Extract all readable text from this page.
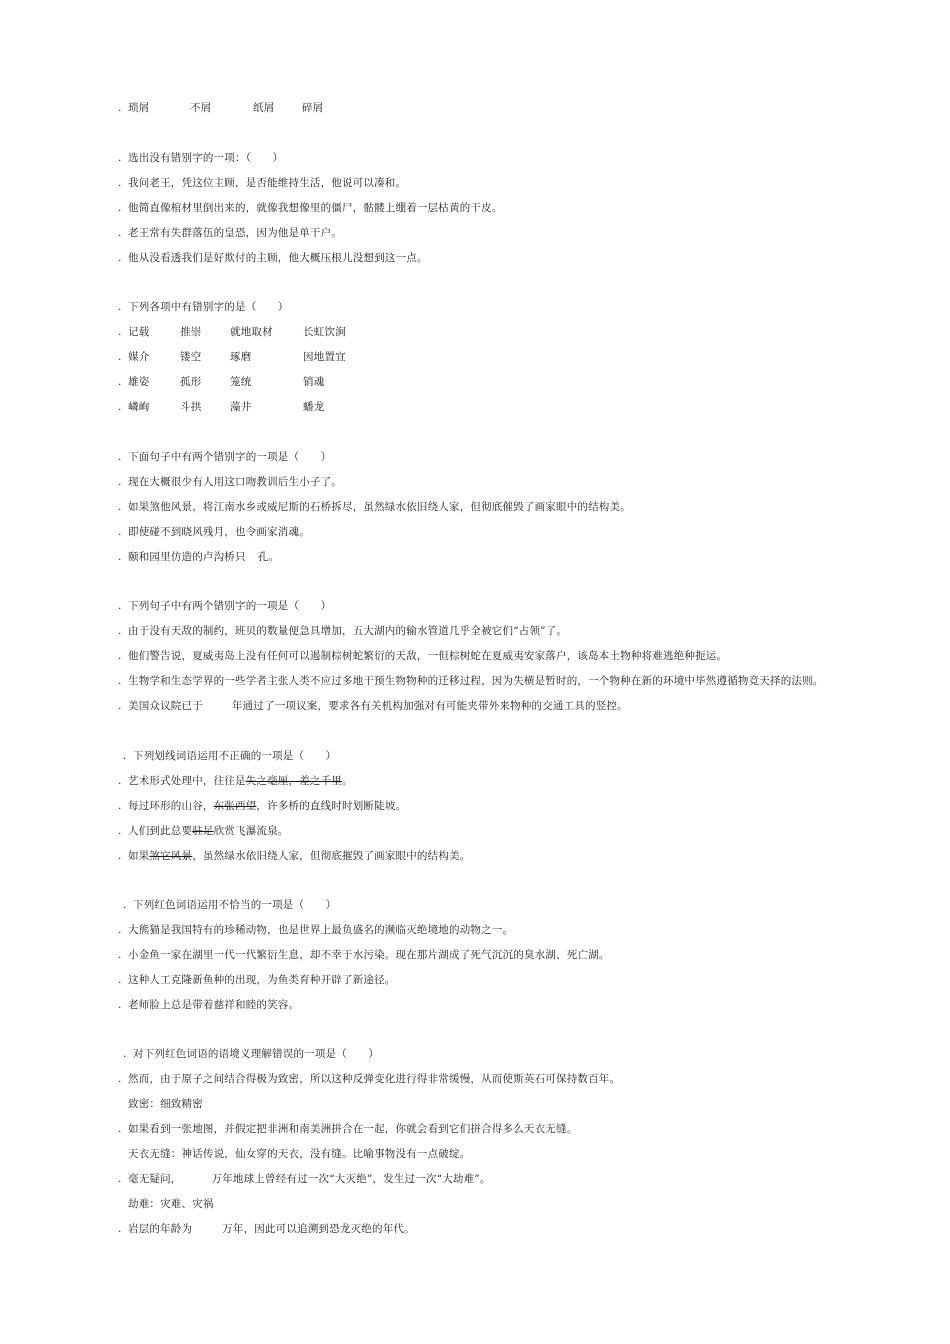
. 琐屑	不屑	纸屑	碎屑
. 选出没有错别字的一项：（　　）
. 我问老王，凭这位主顾，是否能维持生活，他说可以凑和。
. 他简直像棺材里倒出来的，就像我想像里的僵尸，骷髅上绷着一层枯黄的干皮。
. 老王常有失群落伍的皇恐，因为他是单干户。
. 他从没看透我们是好欺付的主顾，他大概压根儿没想到这一点。
. 下列各项中有错别字的是（　　）
. 记载	推崇	就地取材	长虹饮涧
. 媒介	镂空	琢磨	因地置宜
. 雄姿	孤形	笼统	销魂
. 嶙峋	斗拱	藻井	蟠龙
. 下面句子中有两个错别字的一项是（　　）
. 现在大概很少有人用这口吻教训后生小子了。
. 如果煞他风景，将江南水乡或威尼斯的石桥拆尽，虽然绿水依旧绕人家，但彻底催毁了画家眼中的结构美。
. 即使碰不到晓风残月，也令画家消魂。
. 颐和园里仿造的卢沟桥只 孔。
. 下列句子中有两个错别字的一项是（　　）
. 由于没有天敌的制约，班贝的数量便急具增加，五大湖内的输水管道几乎全被它们“占领”了。
. 他们警告说，夏威夷岛上没有任何可以遏制棕树蛇繁衍的天敌，一但棕树蛇在夏威夷安家落户，该岛本土物种将难逃绝种扼运。
. 生物学和生态学界的一些学者主张人类不应过多地干预生物物种的迁移过程，因为失横是暂时的，一个物种在新的环境中毕然遵循物竞天择的法则。
. 美国众议院已于	年通过了一项议案，要求各有关机构加强对有可能夹带外来物种的交通工具的竖控。
. 下列划线词语运用不正确的一项是（　　）
. 艺术形式处理中，往往是失之毫厘，差之千里。
. 每过环形的山谷，东张西望，许多桥的直线时时划断陡坡。
. 人们到此总要驻足欣赏飞瀑流泉。
. 如果煞它风景，虽然绿水依旧绕人家，但彻底摧毁了画家眼中的结构美。
. 下列红色词语运用不恰当的一项是（　　）
. 大熊猫是我国特有的珍稀动物，也是世界上最负盛名的濒临灭绝境地的动物之一。
. 小金鱼一家在湖里一代一代繁衍生息，却不幸于水污染。现在那片湖成了死气沉沉的臭水湖、死亡湖。
. 这种人工克隆新鱼种的出现，为鱼类育种开辟了新途径。
. 老师脸上总是带着慈祥和睦的笑容。
. 对下列红色词语的语境义理解错误的一项是（　　）
. 然而，由于原子之间结合得极为致密，所以这种反弹变化进行得非常缓慢，从而使斯英石可保持数百年。
致密：细致精密
. 如果看到一张地图，并假定把非洲和南美洲拼合在一起，你就会看到它们拼合得多么天衣无缝。
天衣无缝：神话传说，仙女穿的天衣，没有缝。比喻事物没有一点破绽。
. 毫无疑问，	万年地球上曾经有过一次“大灭绝”，发生过一次“大劫难”。
劫难：灾难、灾祸
. 岩层的年龄为	万年，因此可以追溯到恐龙灭绝的年代。
